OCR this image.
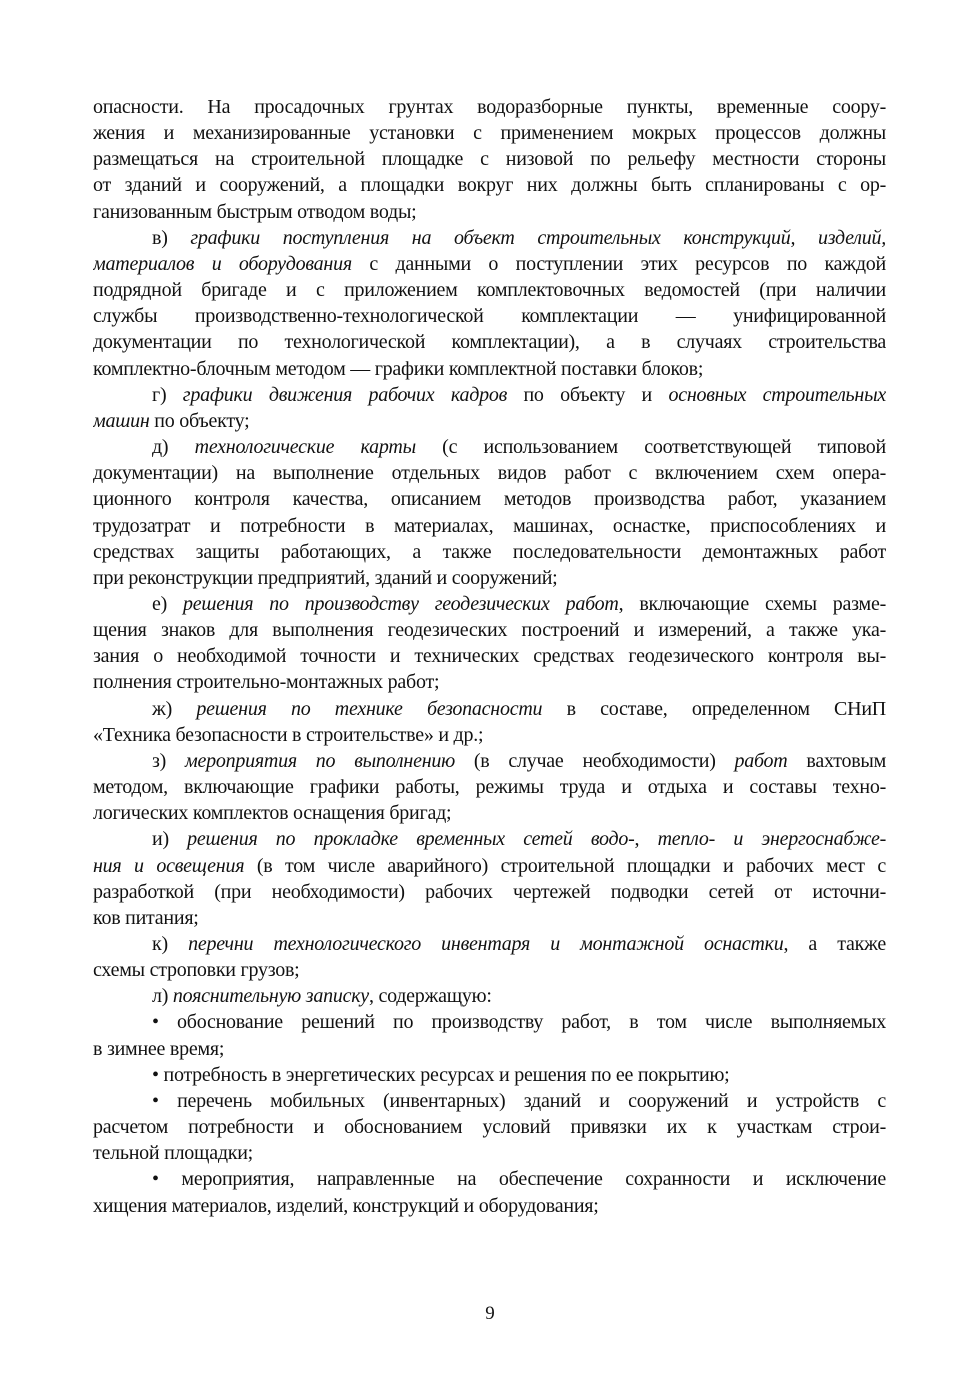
опасности. На просадочных грунтах водоразборные пункты, временные соору-
жения и механизированные установки с применением мокрых процессов должны
размещаться на строительной площадке с низовой по рельефу местности стороны
от зданий и сооружений, а площадки вокруг них должны быть спланированы с ор-
ганизованным быстрым отводом воды;
в) графики поступления на объект строительных конструкций, изделий,
материалов и оборудования с данными о поступлении этих ресурсов по каждой
подрядной бригаде и с приложением комплектовочных ведомостей (при наличии
службы производственно-технологической комплектации — унифицированной
документации по технологической комплектации), а в случаях строительства
комплектно-блочным методом — графики комплектной поставки блоков;
г) графики движения рабочих кадров по объекту и основных строительных
машин по объекту;
д) технологические карты (с использованием соответствующей типовой
документации) на выполнение отдельных видов работ с включением схем опера-
ционного контроля качества, описанием методов производства работ, указанием
трудозатрат и потребности в материалах, машинах, оснастке, приспособлениях и
средствах защиты работающих, а также последовательности демонтажных работ
при реконструкции предприятий, зданий и сооружений;
е) решения по производству геодезических работ, включающие схемы разме-
щения знаков для выполнения геодезических построений и измерений, а также ука-
зания о необходимой точности и технических средствах геодезического контроля вы-
полнения строительно-монтажных работ;
ж) решения по технике безопасности в составе, определенном СНиП
«Техника безопасности в строительстве» и др.;
з) мероприятия по выполнению (в случае необходимости) работ вахтовым
методом, включающие графики работы, режимы труда и отдыха и составы техно-
логических комплектов оснащения бригад;
и) решения по прокладке временных сетей водо-, тепло- и энергоснабже-
ния и освещения (в том числе аварийного) строительной площадки и рабочих мест с
разработкой (при необходимости) рабочих чертежей подводки сетей от источни-
ков питания;
к) перечни технологического инвентаря и монтажной оснастки, а также
схемы строповки грузов;
л) пояснительную записку, содержащую:
• обоснование решений по производству работ, в том числе выполняемых
в зимнее время;
• потребность в энергетических ресурсах и решения по ее покрытию;
• перечень мобильных (инвентарных) зданий и сооружений и устройств с
расчетом потребности и обоснованием условий привязки их к участкам строи-
тельной площадки;
• мероприятия, направленные на обеспечение сохранности и исключение
хищения материалов, изделий, конструкций и оборудования;
9
